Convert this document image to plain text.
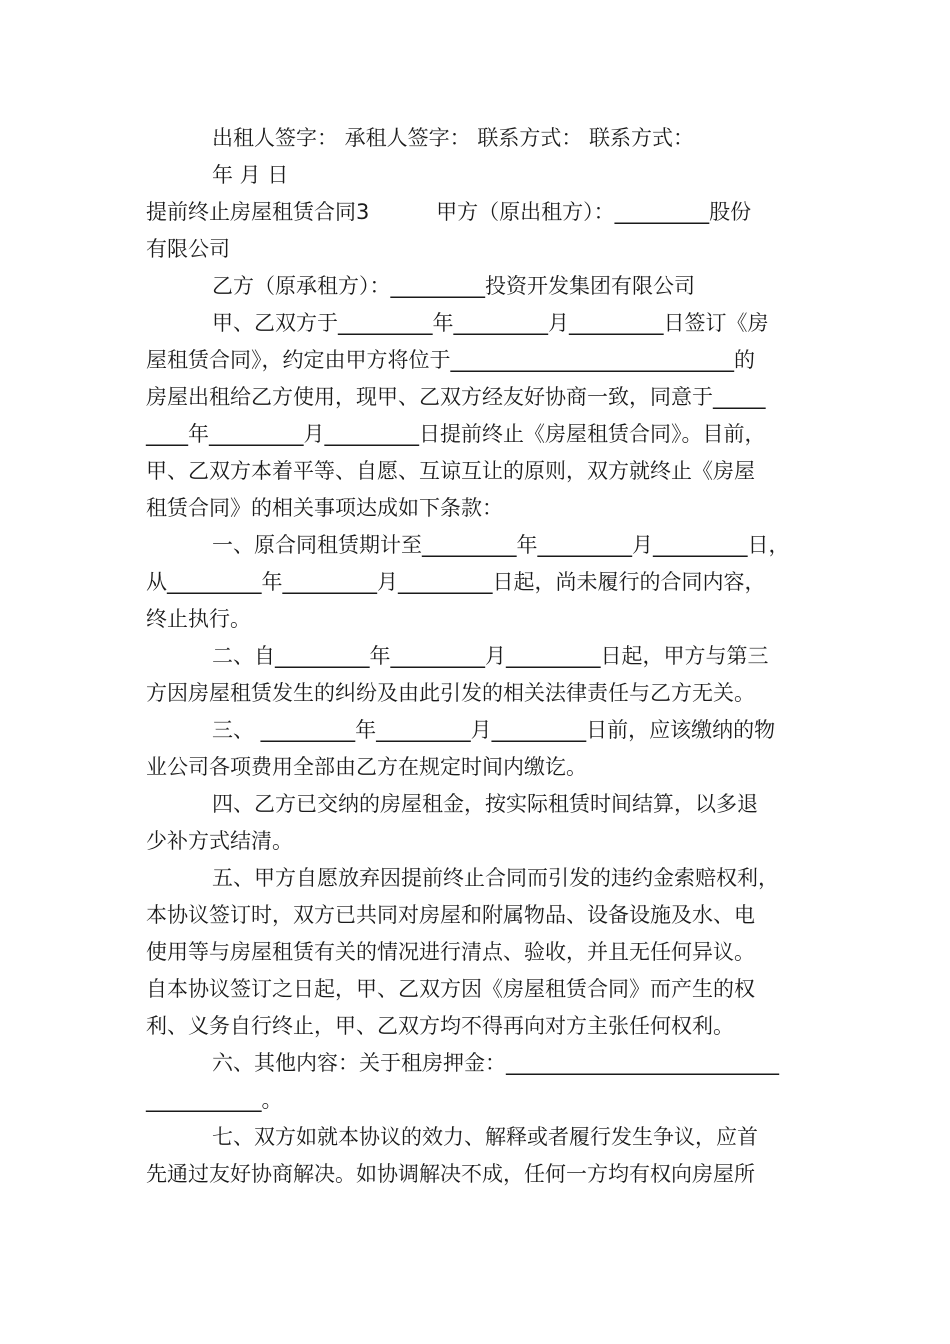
出租人签字： 承租人签字： 联系方式： 联系方式：
年 月 日
提前终止房屋租赁合同3          甲方（原出租方）：_________股份
有限公司
乙方（原承租方）：_________投资开发集团有限公司
甲、乙双方于_________年_________月_________日签订《房
屋租赁合同》，约定由甲方将位于___________________________的
房屋出租给乙方使用，现甲、乙双方经友好协商一致，同意于_____
____年_________月_________日提前终止《房屋租赁合同》。目前，
甲、乙双方本着平等、自愿、互谅互让的原则，双方就终止《房屋
租赁合同》的相关事项达成如下条款：
一、原合同租赁期计至_________年_________月_________日，
从_________年_________月_________日起，尚未履行的合同内容，
终止执行。
二、自_________年_________月_________日起，甲方与第三
方因房屋租赁发生的纠纷及由此引发的相关法律责任与乙方无关。
三、 _________年_________月_________日前，应该缴纳的物
业公司各项费用全部由乙方在规定时间内缴讫。
四、乙方已交纳的房屋租金，按实际租赁时间结算，以多退
少补方式结清。
五、甲方自愿放弃因提前终止合同而引发的违约金索赔权利，
本协议签订时，双方已共同对房屋和附属物品、设备设施及水、电
使用等与房屋租赁有关的情况进行清点、验收，并且无任何异议。
自本协议签订之日起，甲、乙双方因《房屋租赁合同》而产生的权
利、义务自行终止，甲、乙双方均不得再向对方主张任何权利。
六、其他内容：关于租房押金：__________________________
___________。
七、双方如就本协议的效力、解释或者履行发生争议，应首
先通过友好协商解决。如协调解决不成，任何一方均有权向房屋所
